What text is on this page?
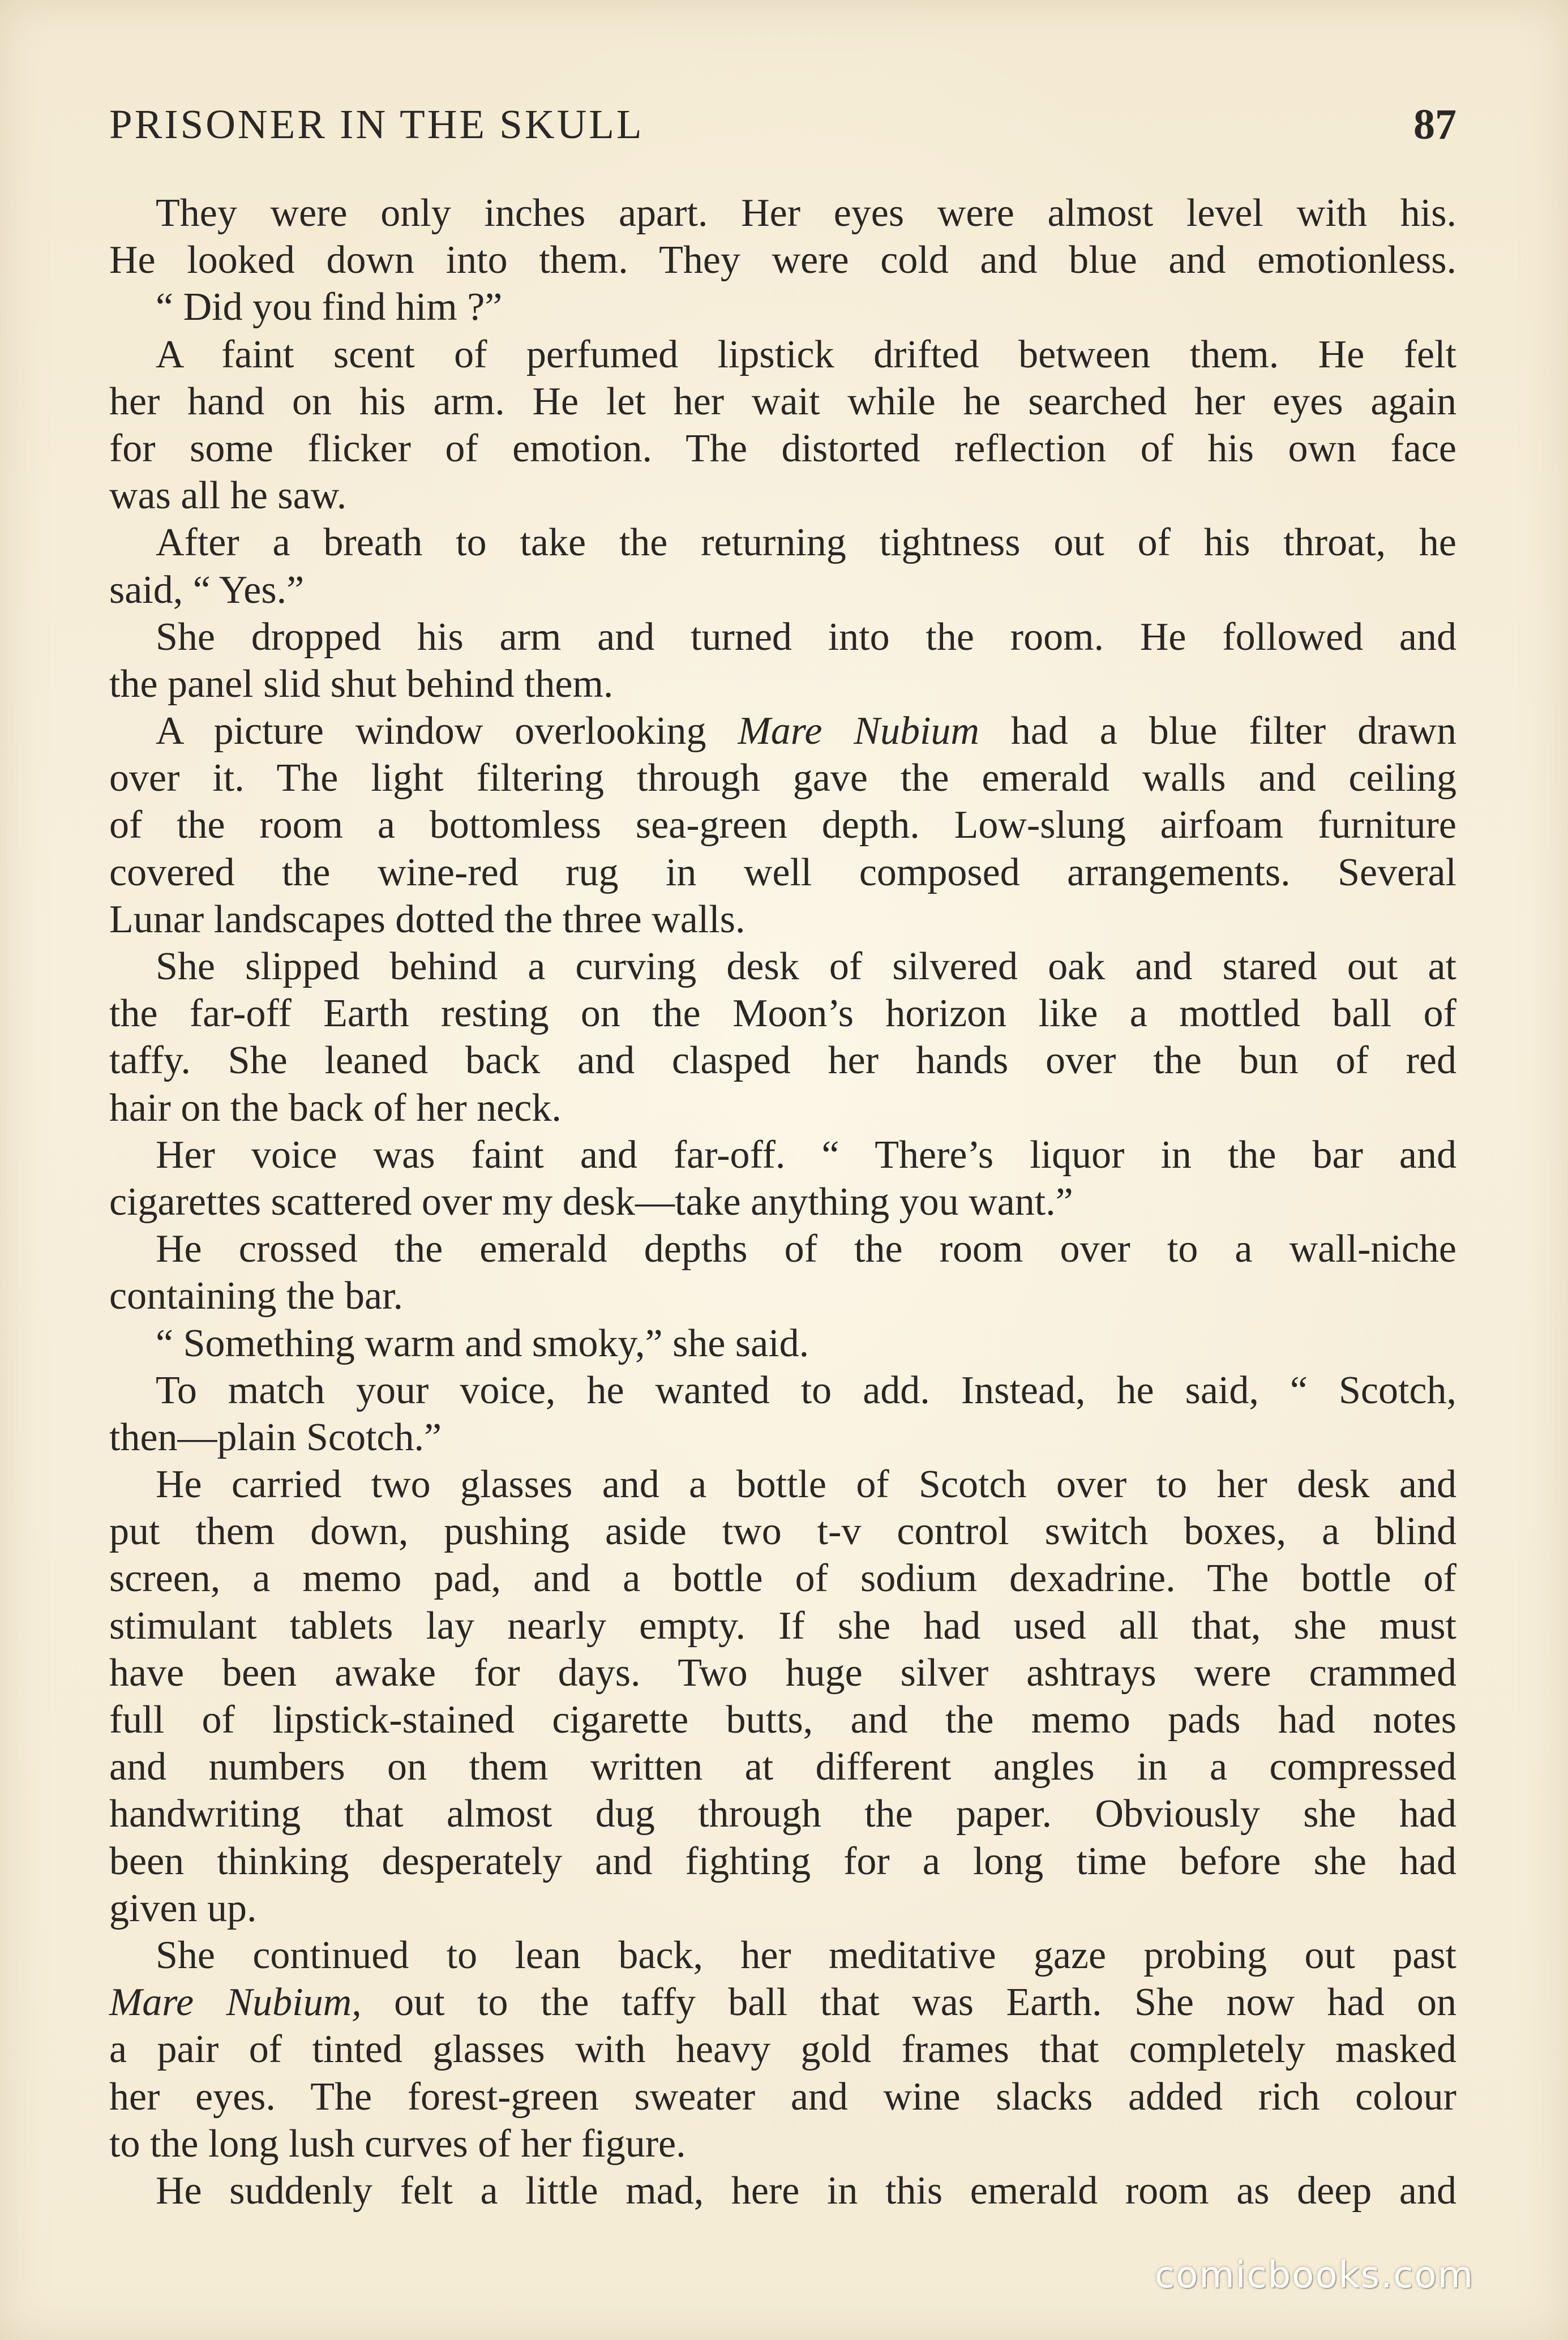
PRISONER IN THE SKULL	87
They were only inches apart. Her eyes were almost level with his.
He looked down into them. They were cold and blue and emotionless.
“ Did you find him ?”
A faint scent of perfumed lipstick drifted between them. He felt
her hand on his arm. He let her wait while he searched her eyes again
for some flicker of emotion. The distorted reflection of his own face
was all he saw.
After a breath to take the returning tightness out of his throat, he
said, “ Yes.”
She dropped his arm and turned into the room. He followed and
the panel slid shut behind them.
A picture window overlooking Mare Nubium had a blue filter drawn
over it. The light filtering through gave the emerald walls and ceiling
of the room a bottomless sea-green depth. Low-slung airfoam furniture
covered the wine-red rug in well composed arrangements. Several
Lunar landscapes dotted the three walls.
She slipped behind a curving desk of silvered oak and stared out at
the far-off Earth resting on the Moon’s horizon like a mottled ball of
taffy. She leaned back and clasped her hands over the bun of red
hair on the back of her neck.
Her voice was faint and far-off. “ There’s liquor in the bar and
cigarettes scattered over my desk—take anything you want.”
He crossed the emerald depths of the room over to a wall-niche
containing the bar.
“ Something warm and smoky,” she said.
To match your voice, he wanted to add. Instead, he said, “ Scotch,
then—plain Scotch.”
He carried two glasses and a bottle of Scotch over to her desk and
put them down, pushing aside two t-v control switch boxes, a blind
screen, a memo pad, and a bottle of sodium dexadrine. The bottle of
stimulant tablets lay nearly empty. If she had used all that, she must
have been awake for days. Two huge silver ashtrays were crammed
full of lipstick-stained cigarette butts, and the memo pads had notes
and numbers on them written at different angles in a compressed
handwriting that almost dug through the paper. Obviously she had
been thinking desperately and fighting for a long time before she had
given up.
She continued to lean back, her meditative gaze probing out past
Mare Nubium, out to the taffy ball that was Earth. She now had on
a pair of tinted glasses with heavy gold frames that completely masked
her eyes. The forest-green sweater and wine slacks added rich colour
to the long lush curves of her figure.
He suddenly felt a little mad, here in this emerald room as deep and
comicbooks.com
